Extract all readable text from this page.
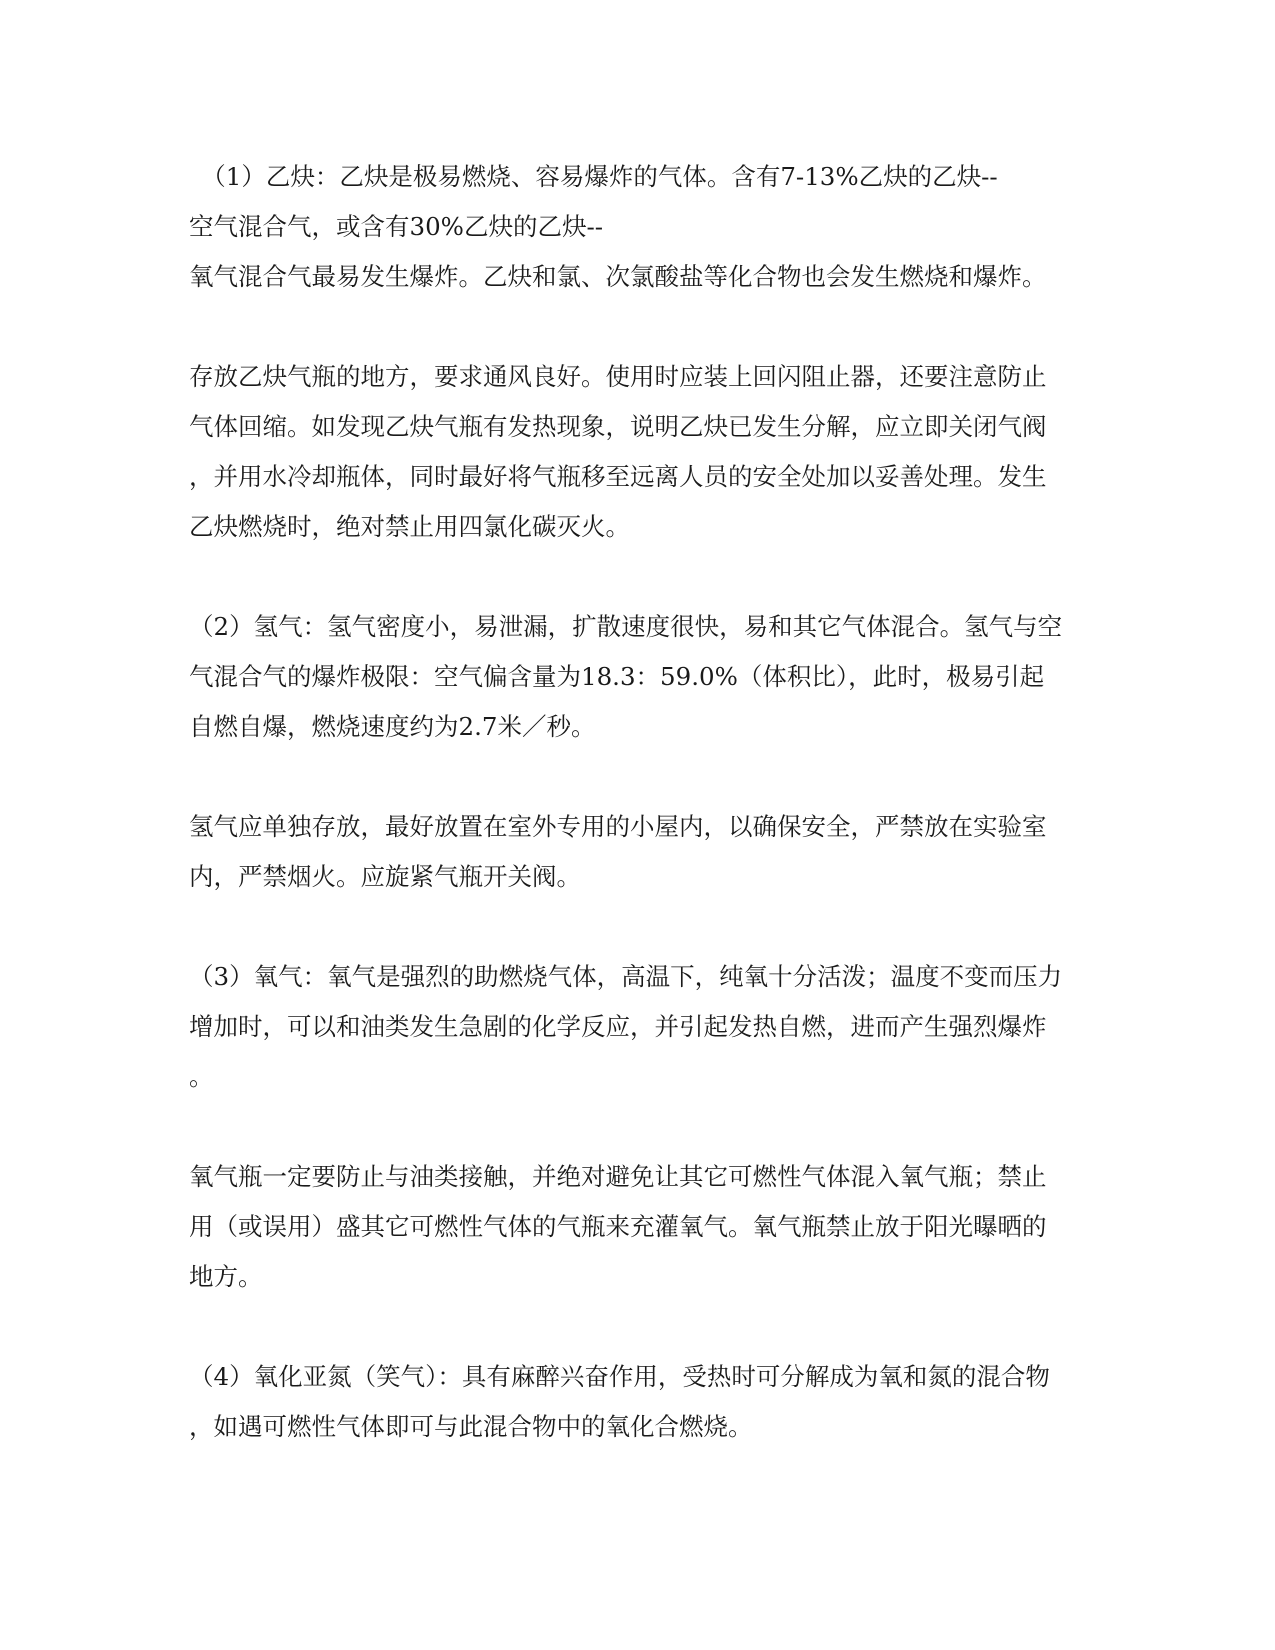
　（1）乙炔：乙炔是极易燃烧、容易爆炸的气体。含有7-13%乙炔的乙炔--
空气混合气，或含有30%乙炔的乙炔--
氧气混合气最易发生爆炸。乙炔和氯、次氯酸盐等化合物也会发生燃烧和爆炸。
存放乙炔气瓶的地方，要求通风良好。使用时应装上回闪阻止器，还要注意防止
气体回缩。如发现乙炔气瓶有发热现象，说明乙炔已发生分解，应立即关闭气阀
，并用水冷却瓶体，同时最好将气瓶移至远离人员的安全处加以妥善处理。发生
乙炔燃烧时，绝对禁止用四氯化碳灭火。
（2）氢气：氢气密度小，易泄漏，扩散速度很快，易和其它气体混合。氢气与空
气混合气的爆炸极限：空气偏含量为18.3：59.0%（体积比），此时，极易引起
自燃自爆，燃烧速度约为2.7米／秒。
氢气应单独存放，最好放置在室外专用的小屋内，以确保安全，严禁放在实验室
内，严禁烟火。应旋紧气瓶开关阀。
（3）氧气：氧气是强烈的助燃烧气体，高温下，纯氧十分活泼；温度不变而压力
增加时，可以和油类发生急剧的化学反应，并引起发热自燃，进而产生强烈爆炸
。
氧气瓶一定要防止与油类接触，并绝对避免让其它可燃性气体混入氧气瓶；禁止
用（或误用）盛其它可燃性气体的气瓶来充灌氧气。氧气瓶禁止放于阳光曝晒的
地方。
（4）氧化亚氮（笑气）：具有麻醉兴奋作用，受热时可分解成为氧和氮的混合物
，如遇可燃性气体即可与此混合物中的氧化合燃烧。
